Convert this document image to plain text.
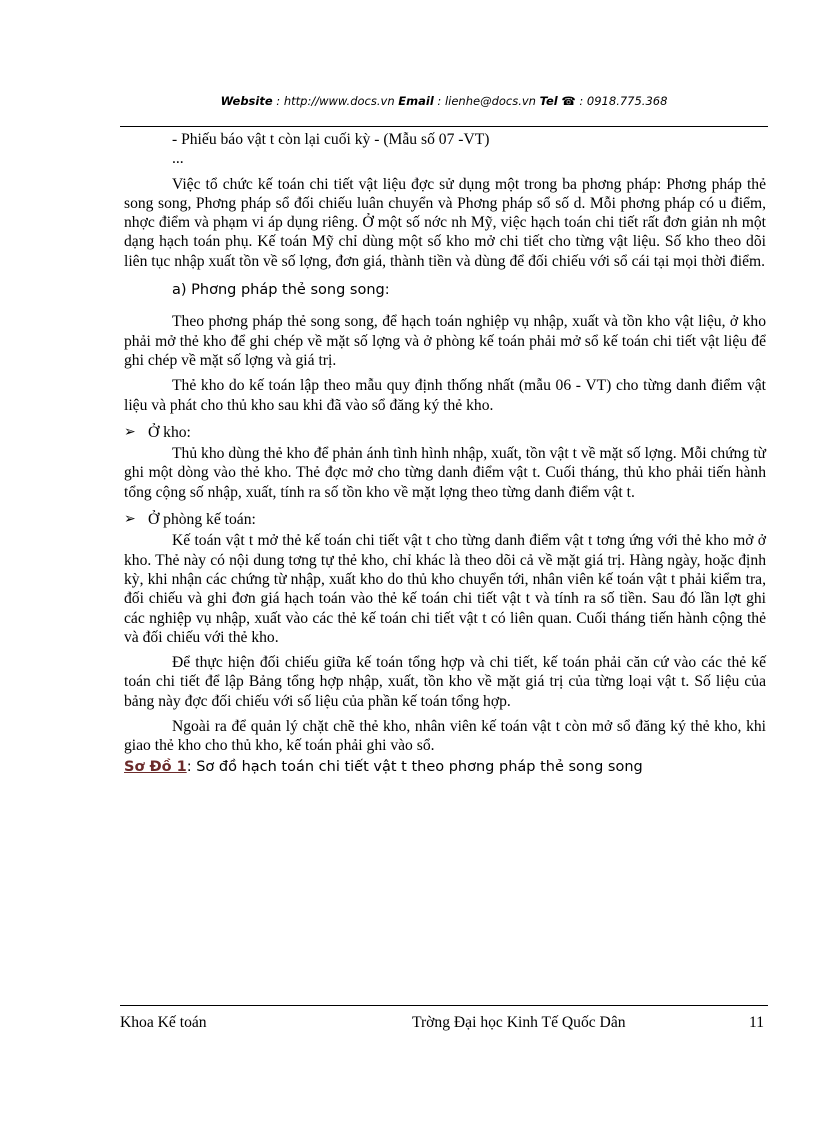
Website : http://www.docs.vn Email : lienhe@docs.vn Tel ☎ : 0918.775.368

- Phiếu báo vật t còn lại cuối kỳ - (Mẫu số 07 -VT)

...

Việc tổ chức kế toán chi tiết vật liệu đợc sử dụng một trong ba phơng pháp: Phơng pháp thẻ song song, Phơng pháp sổ đối chiếu luân chuyển và Phơng pháp sổ số d. Mỗi phơng pháp có u điểm, nhợc điểm và phạm vi áp dụng riêng. Ở một số nớc nh Mỹ, việc hạch toán chi tiết rất đơn giản nh một dạng hạch toán phụ. Kế toán Mỹ chỉ dùng một số kho mở chi tiết cho từng vật liệu. Số kho theo dõi liên tục nhập xuất tồn về số lợng, đơn giá, thành tiền và dùng để đối chiếu với sổ cái tại mọi thời điểm.

a) Phơng pháp thẻ song song:

Theo phơng pháp thẻ song song, để hạch toán nghiệp vụ nhập, xuất và tồn kho vật liệu, ở kho phải mở thẻ kho để ghi chép về mặt số lợng và ở phòng kế toán phải mở sổ kế toán chi tiết vật liệu để ghi chép về mặt số lợng và giá trị.

Thẻ kho do kế toán lập theo mẫu quy định thống nhất (mẫu 06 - VT) cho từng danh điểm vật liệu và phát cho thủ kho sau khi đã vào sổ đăng ký thẻ kho.

➢ Ở kho:

Thủ kho dùng thẻ kho để phản ánh tình hình nhập, xuất, tồn vật t về mặt số lợng. Mỗi chứng từ ghi một dòng vào thẻ kho. Thẻ đợc mở cho từng danh điểm vật t. Cuối tháng, thủ kho phải tiến hành tổng cộng số nhập, xuất, tính ra số tồn kho về mặt lợng theo từng danh điểm vật t.

➢ Ở phòng kế toán:

Kế toán vật t mở thẻ kế toán chi tiết vật t cho từng danh điểm vật t tơng ứng với thẻ kho mở ở kho. Thẻ này có nội dung tơng tự thẻ kho, chỉ khác là theo dõi cả về mặt giá trị. Hàng ngày, hoặc định kỳ, khi nhận các chứng từ nhập, xuất kho do thủ kho chuyển tới, nhân viên kế toán vật t phải kiểm tra, đối chiếu và ghi đơn giá hạch toán vào thẻ kế toán chi tiết vật t và tính ra số tiền. Sau đó lần lợt ghi các nghiệp vụ nhập, xuất vào các thẻ kế toán chi tiết vật t có liên quan. Cuối tháng tiến hành cộng thẻ và đối chiếu với thẻ kho.

Để thực hiện đối chiếu giữa kế toán tổng hợp và chi tiết, kế toán phải căn cứ vào các thẻ kế toán chi tiết để lập Bảng tổng hợp nhập, xuất, tồn kho về mặt giá trị của từng loại vật t. Số liệu của bảng này đợc đối chiếu với số liệu của phần kế toán tổng hợp.

Ngoài ra để quản lý chặt chẽ thẻ kho, nhân viên kế toán vật t còn mở sổ đăng ký thẻ kho, khi giao thẻ kho cho thủ kho, kế toán phải ghi vào sổ.

Sơ Đồ 1: Sơ đồ hạch toán chi tiết vật t theo phơng pháp thẻ song song
Khoa Kế toán	Trờng Đại học Kinh Tế Quốc Dân	11
